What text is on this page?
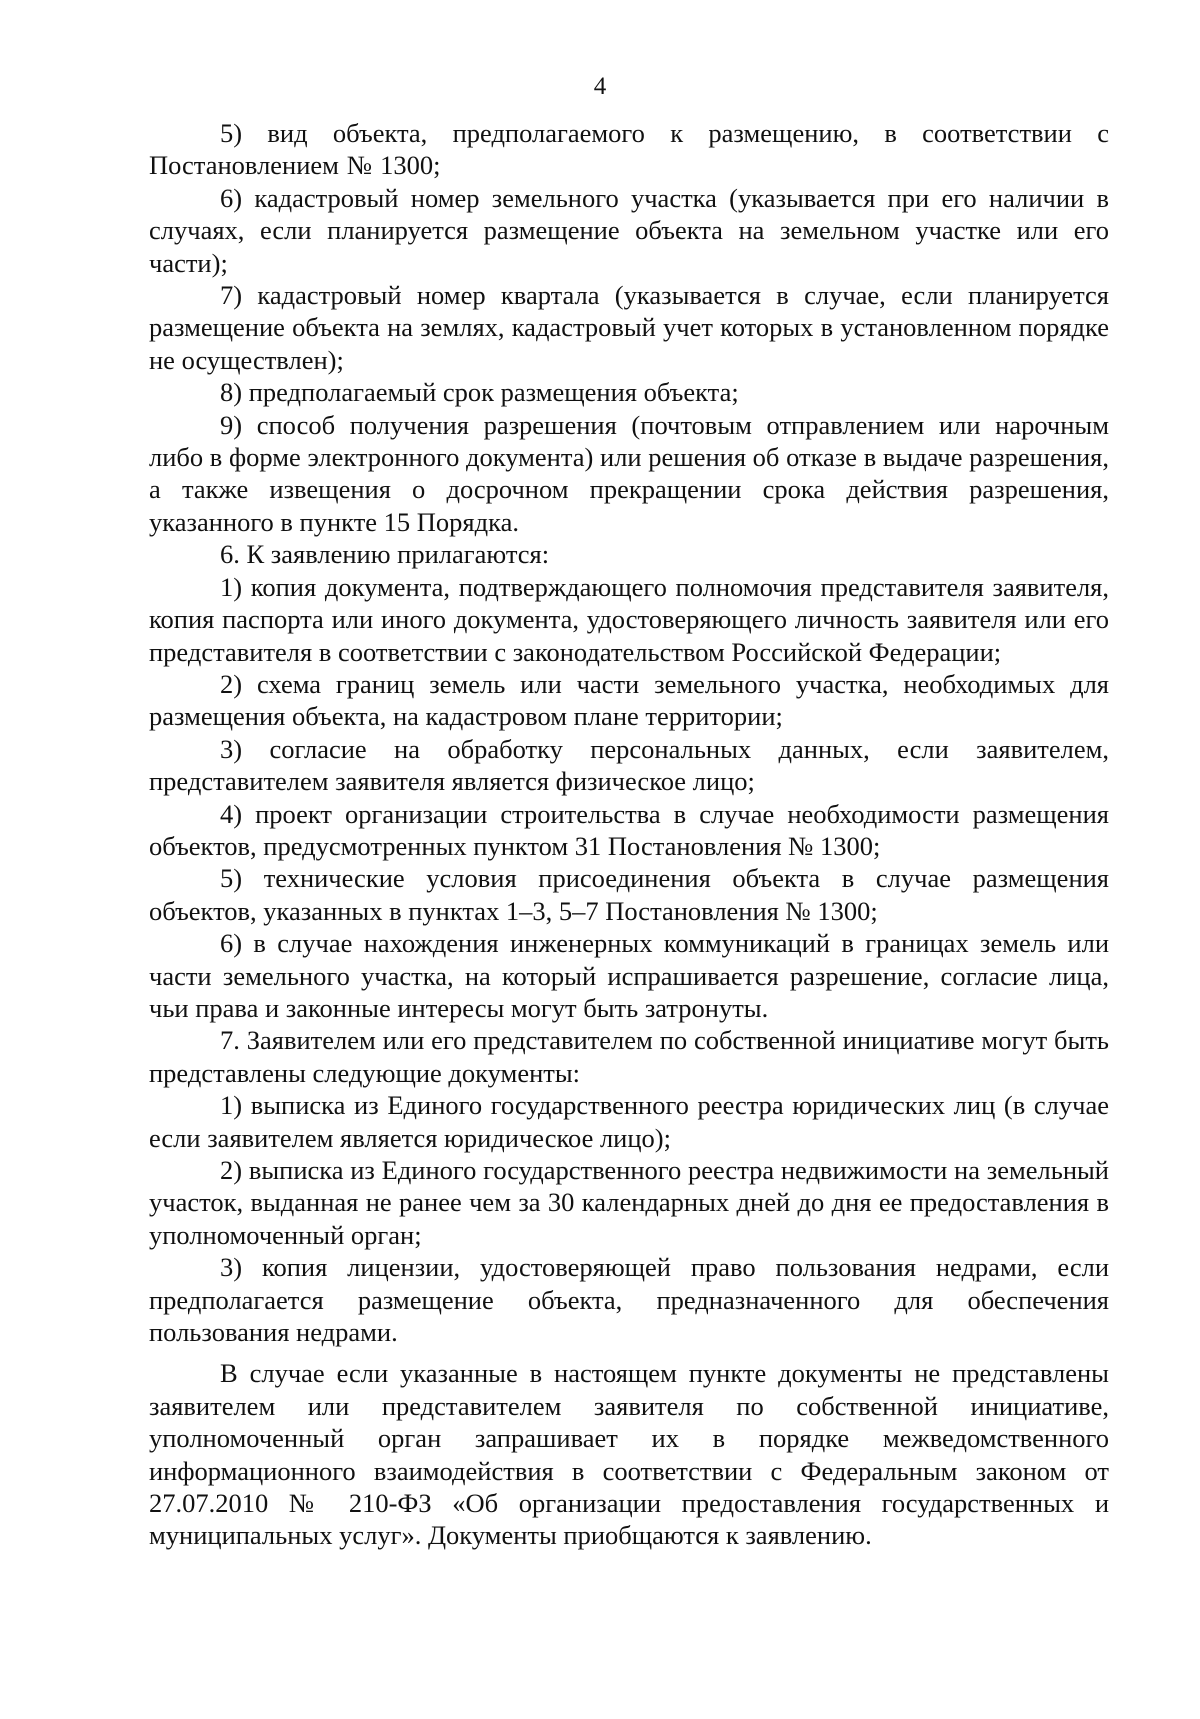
4

5) вид объекта, предполагаемого к размещению, в соответствии с Постановлением № 1300;

6) кадастровый номер земельного участка (указывается при его наличии в случаях, если планируется размещение объекта на земельном участке или его части);

7) кадастровый номер квартала (указывается в случае, если планируется размещение объекта на землях, кадастровый учет которых в установленном порядке не осуществлен);

8) предполагаемый срок размещения объекта;

9) способ получения разрешения (почтовым отправлением или нарочным либо в форме электронного документа) или решения об отказе в выдаче разрешения, а также извещения о досрочном прекращении срока действия разрешения, указанного в пункте 15 Порядка.

6. К заявлению прилагаются:

1) копия документа, подтверждающего полномочия представителя заявителя, копия паспорта или иного документа, удостоверяющего личность заявителя или его представителя в соответствии с законодательством Российской Федерации;

2) схема границ земель или части земельного участка, необходимых для размещения объекта, на кадастровом плане территории;

3) согласие на обработку персональных данных, если заявителем, представителем заявителя является физическое лицо;

4) проект организации строительства в случае необходимости размещения объектов, предусмотренных пунктом 31 Постановления № 1300;

5) технические условия присоединения объекта в случае размещения объектов, указанных в пунктах 1–3, 5–7 Постановления № 1300;

6) в случае нахождения инженерных коммуникаций в границах земель или части земельного участка, на который испрашивается разрешение, согласие лица, чьи права и законные интересы могут быть затронуты.

7. Заявителем или его представителем по собственной инициативе могут быть представлены следующие документы:

1) выписка из Единого государственного реестра юридических лиц (в случае если заявителем является юридическое лицо);

2) выписка из Единого государственного реестра недвижимости на земельный участок, выданная не ранее чем за 30 календарных дней до дня ее предоставления в уполномоченный орган;

3) копия лицензии, удостоверяющей право пользования недрами, если предполагается размещение объекта, предназначенного для обеспечения пользования недрами.

В случае если указанные в настоящем пункте документы не представлены заявителем или представителем заявителя по собственной инициативе, уполномоченный орган запрашивает их в порядке межведомственного информационного взаимодействия в соответствии с Федеральным законом от 27.07.2010 № 210-ФЗ «Об организации предоставления государственных и муниципальных услуг». Документы приобщаются к заявлению.
